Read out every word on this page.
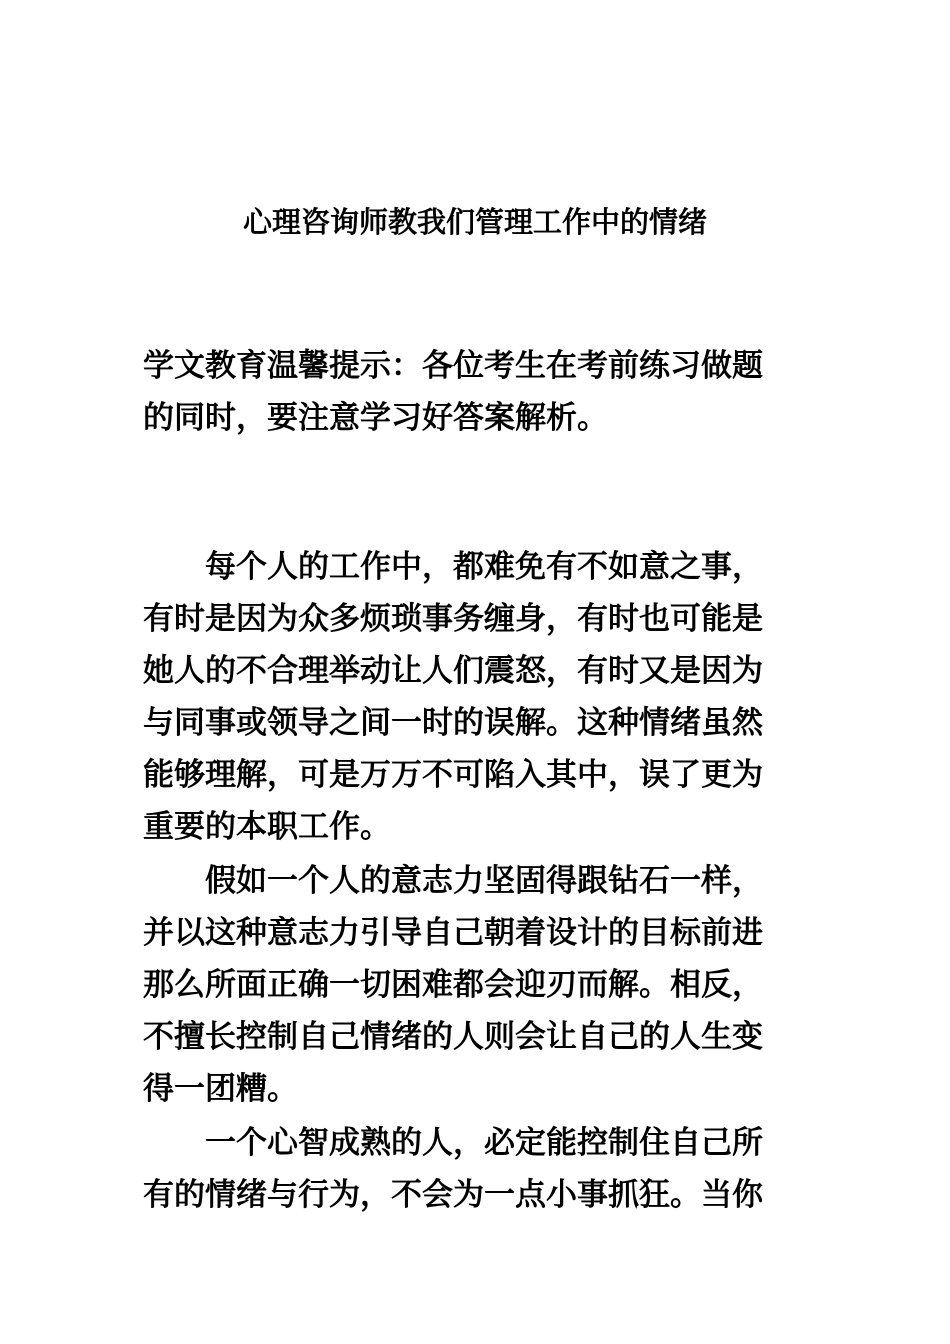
心理咨询师教我们管理工作中的情绪
学文教育温馨提示：各位考生在考前练习做题
的同时，要注意学习好答案解析。
每个人的工作中，都难免有不如意之事，
有时是因为众多烦琐事务缠身，有时也可能是
她人的不合理举动让人们震怒，有时又是因为
与同事或领导之间一时的误解。这种情绪虽然
能够理解，可是万万不可陷入其中，误了更为
重要的本职工作。
假如一个人的意志力坚固得跟钻石一样，
并以这种意志力引导自己朝着设计的目标前进
那么所面正确一切困难都会迎刃而解。相反，
不擅长控制自己情绪的人则会让自己的人生变
得一团糟。
一个心智成熟的人，必定能控制住自己所
有的情绪与行为，不会为一点小事抓狂。当你
